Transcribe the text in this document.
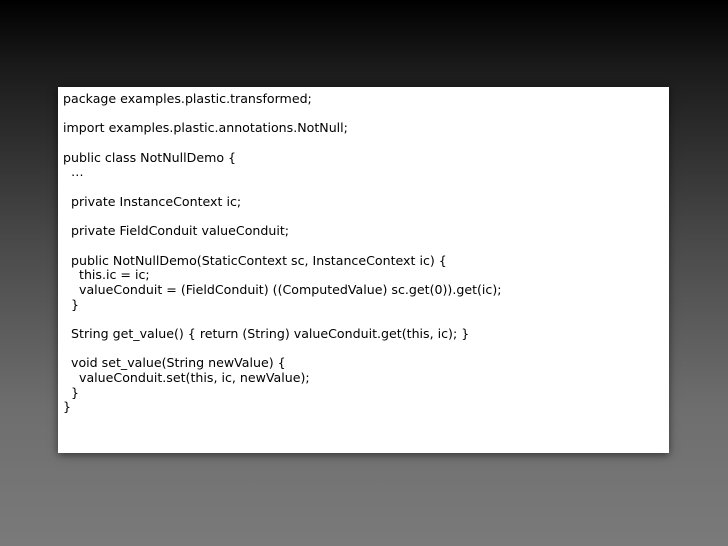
package examples.plastic.transformed;
import examples.plastic.annotations.NotNull;
public class NotNullDemo {
…
private InstanceContext ic;
private FieldConduit valueConduit;
public NotNullDemo(StaticContext sc, InstanceContext ic) {
this.ic = ic;
valueConduit = (FieldConduit) ((ComputedValue) sc.get(0)).get(ic);
}
String get_value() { return (String) valueConduit.get(this, ic); }
void set_value(String newValue) {
valueConduit.set(this, ic, newValue);
}
}
